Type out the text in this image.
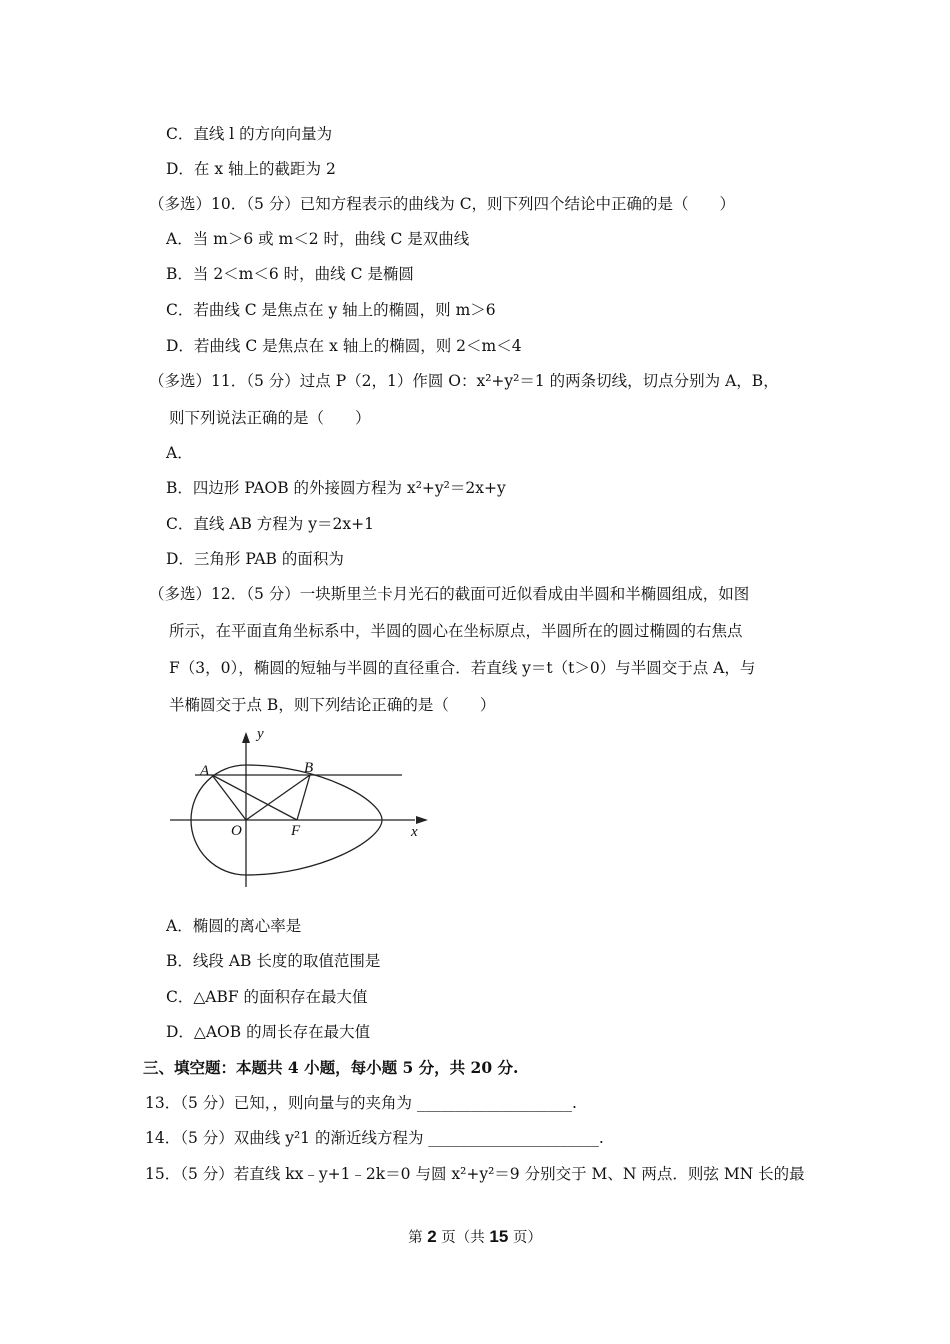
C．直线 l 的方向向量为
D．在 x 轴上的截距为 2
（多选）10．（5 分）已知方程表示的曲线为 C，则下列四个结论中正确的是（　　）
A．当 m＞6 或 m＜2 时，曲线 C 是双曲线
B．当 2＜m＜6 时，曲线 C 是椭圆
C．若曲线 C 是焦点在 y 轴上的椭圆，则 m＞6
D．若曲线 C 是焦点在 x 轴上的椭圆，则 2＜m＜4
（多选）11．（5 分）过点 P（2，1）作圆 O：x²+y²＝1 的两条切线，切点分别为 A，B，
则下列说法正确的是（　　）
A．
B．四边形 PAOB 的外接圆方程为 x²+y²＝2x+y
C．直线 AB 方程为 y＝2x+1
D．三角形 PAB 的面积为
（多选）12．（5 分）一块斯里兰卡月光石的截面可近似看成由半圆和半椭圆组成，如图
所示，在平面直角坐标系中，半圆的圆心在坐标原点，半圆所在的圆过椭圆的右焦点
F（3，0），椭圆的短轴与半圆的直径重合．若直线 y＝t（t＞0）与半圆交于点 A，与
半椭圆交于点 B，则下列结论正确的是（　　）
y
x
A	B
O	F
A．椭圆的离心率是
B．线段 AB 长度的取值范围是
C．△ABF 的面积存在最大值
D．△AOB 的周长存在最大值
三、填空题：本题共 4 小题，每小题 5 分，共 20 分.
13．（5 分）已知，，则向量与的夹角为 ____________________.
14．（5 分）双曲线 y²1 的渐近线方程为 ______________________.
15．（5 分）若直线 kx﹣y+1﹣2k＝0 与圆 x²+y²＝9 分别交于 M、N 两点．则弦 MN 长的最
第 2 页（共 15 页）
